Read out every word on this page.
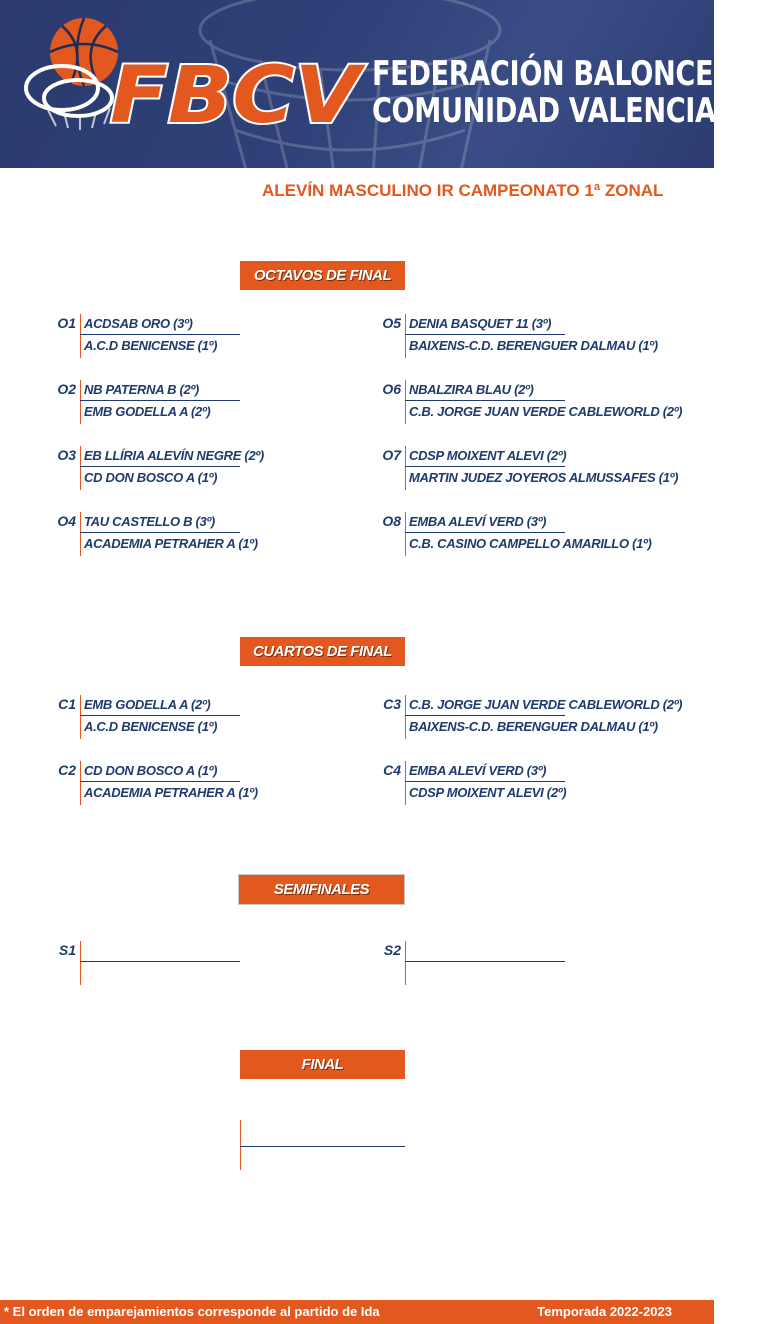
FBCV FEDERACIÓN BALONCESTO
COMUNIDAD VALENCIANA
ALEVÍN MASCULINO IR CAMPEONATO 1ª ZONAL
OCTAVOS DE FINAL
O1 ACDSAB ORO (3º)
A.C.D BENICENSE (1º)
O2 NB PATERNA B (2º)
EMB GODELLA A (2º)
O3 EB LLÍRIA ALEVÍN NEGRE (2º)
CD DON BOSCO A (1º)
O4 TAU CASTELLO B (3º)
ACADEMIA PETRAHER A (1º)
O5 DENIA BASQUET 11 (3º)
BAIXENS-C.D. BERENGUER DALMAU (1º)
O6 NBALZIRA BLAU (2º)
C.B. JORGE JUAN VERDE CABLEWORLD (2º)
O7 CDSP MOIXENT ALEVI (2º)
MARTIN JUDEZ JOYEROS ALMUSSAFES (1º)
O8 EMBA ALEVÍ VERD (3º)
C.B. CASINO CAMPELLO AMARILLO (1º)
CUARTOS DE FINAL
C1 EMB GODELLA A (2º)
A.C.D BENICENSE (1º)
C2 CD DON BOSCO A (1º)
ACADEMIA PETRAHER A (1º)
C3 C.B. JORGE JUAN VERDE CABLEWORLD (2º)
BAIXENS-C.D. BERENGUER DALMAU (1º)
C4 EMBA ALEVÍ VERD (3º)
CDSP MOIXENT ALEVI (2º)
SEMIFINALES
S1	S2
FINAL
* El orden de emparejamientos corresponde al partido de Ida	Temporada 2022-2023
